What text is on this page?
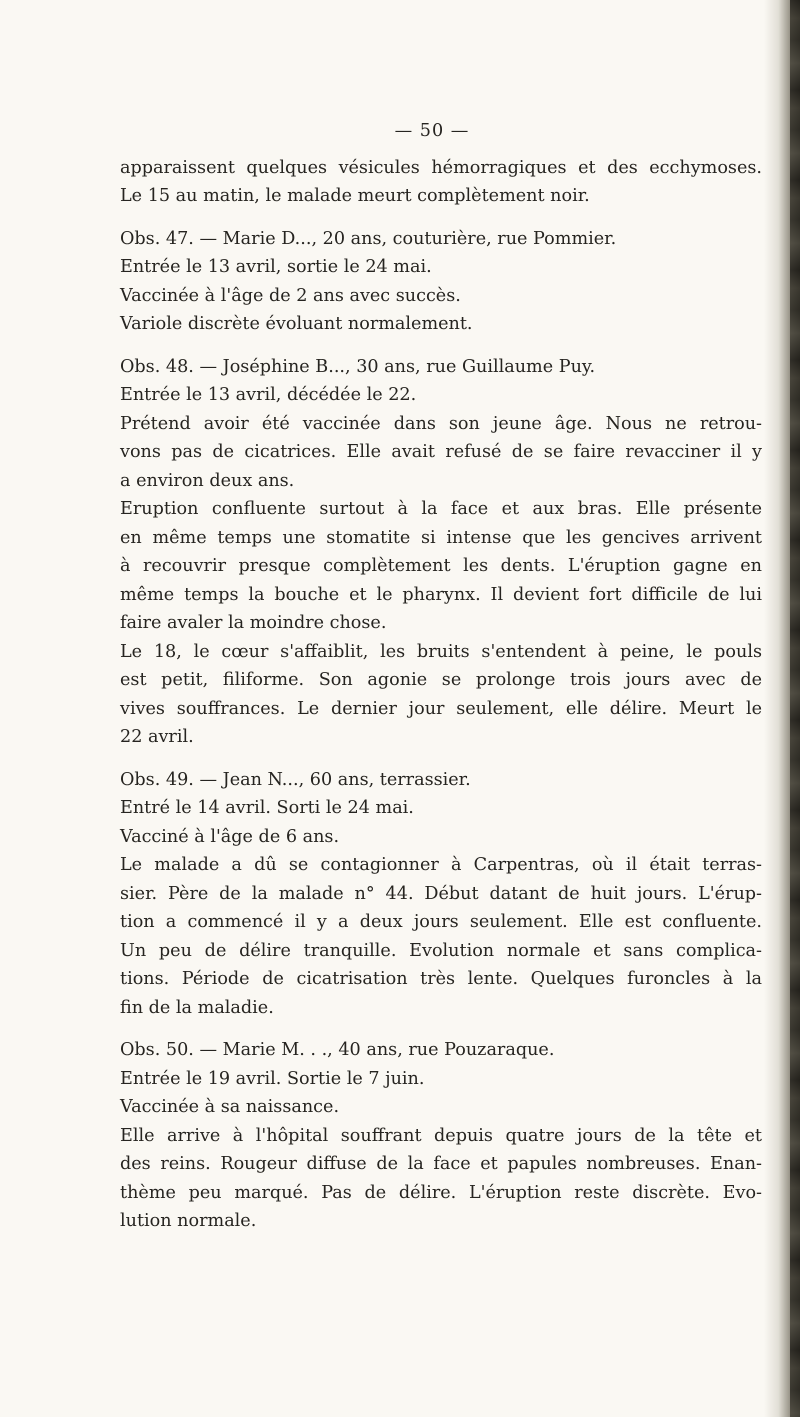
— 50 —

apparaissent quelques vésicules hémorragiques et des ecchymoses.
Le 15 au matin, le malade meurt complètement noir.

Obs. 47. — Marie D..., 20 ans, couturière, rue Pommier.
Entrée le 13 avril, sortie le 24 mai.
Vaccinée à l'âge de 2 ans avec succès.
Variole discrète évoluant normalement.

Obs. 48. — Joséphine B..., 30 ans, rue Guillaume Puy.
Entrée le 13 avril, décédée le 22.
Prétend avoir été vaccinée dans son jeune âge. Nous ne retrou-
vons pas de cicatrices. Elle avait refusé de se faire revacciner il y
a environ deux ans.
Eruption confluente surtout à la face et aux bras. Elle présente
en même temps une stomatite si intense que les gencives arrivent
à recouvrir presque complètement les dents. L'éruption gagne en
même temps la bouche et le pharynx. Il devient fort difficile de lui
faire avaler la moindre chose.
Le 18, le cœur s'affaiblit, les bruits s'entendent à peine, le pouls
est petit, filiforme. Son agonie se prolonge trois jours avec de
vives souffrances. Le dernier jour seulement, elle délire. Meurt le
22 avril.

Obs. 49. — Jean N..., 60 ans, terrassier.
Entré le 14 avril. Sorti le 24 mai.
Vacciné à l'âge de 6 ans.
Le malade a dû se contagionner à Carpentras, où il était terras-
sier. Père de la malade n° 44. Début datant de huit jours. L'érup-
tion a commencé il y a deux jours seulement. Elle est confluente.
Un peu de délire tranquille. Evolution normale et sans complica-
tions. Période de cicatrisation très lente. Quelques furoncles à la
fin de la maladie.

Obs. 50. — Marie M. . ., 40 ans, rue Pouzaraque.
Entrée le 19 avril. Sortie le 7 juin.
Vaccinée à sa naissance.
Elle arrive à l'hôpital souffrant depuis quatre jours de la tête et
des reins. Rougeur diffuse de la face et papules nombreuses. Enan-
thème peu marqué. Pas de délire. L'éruption reste discrète. Evo-
lution normale.
